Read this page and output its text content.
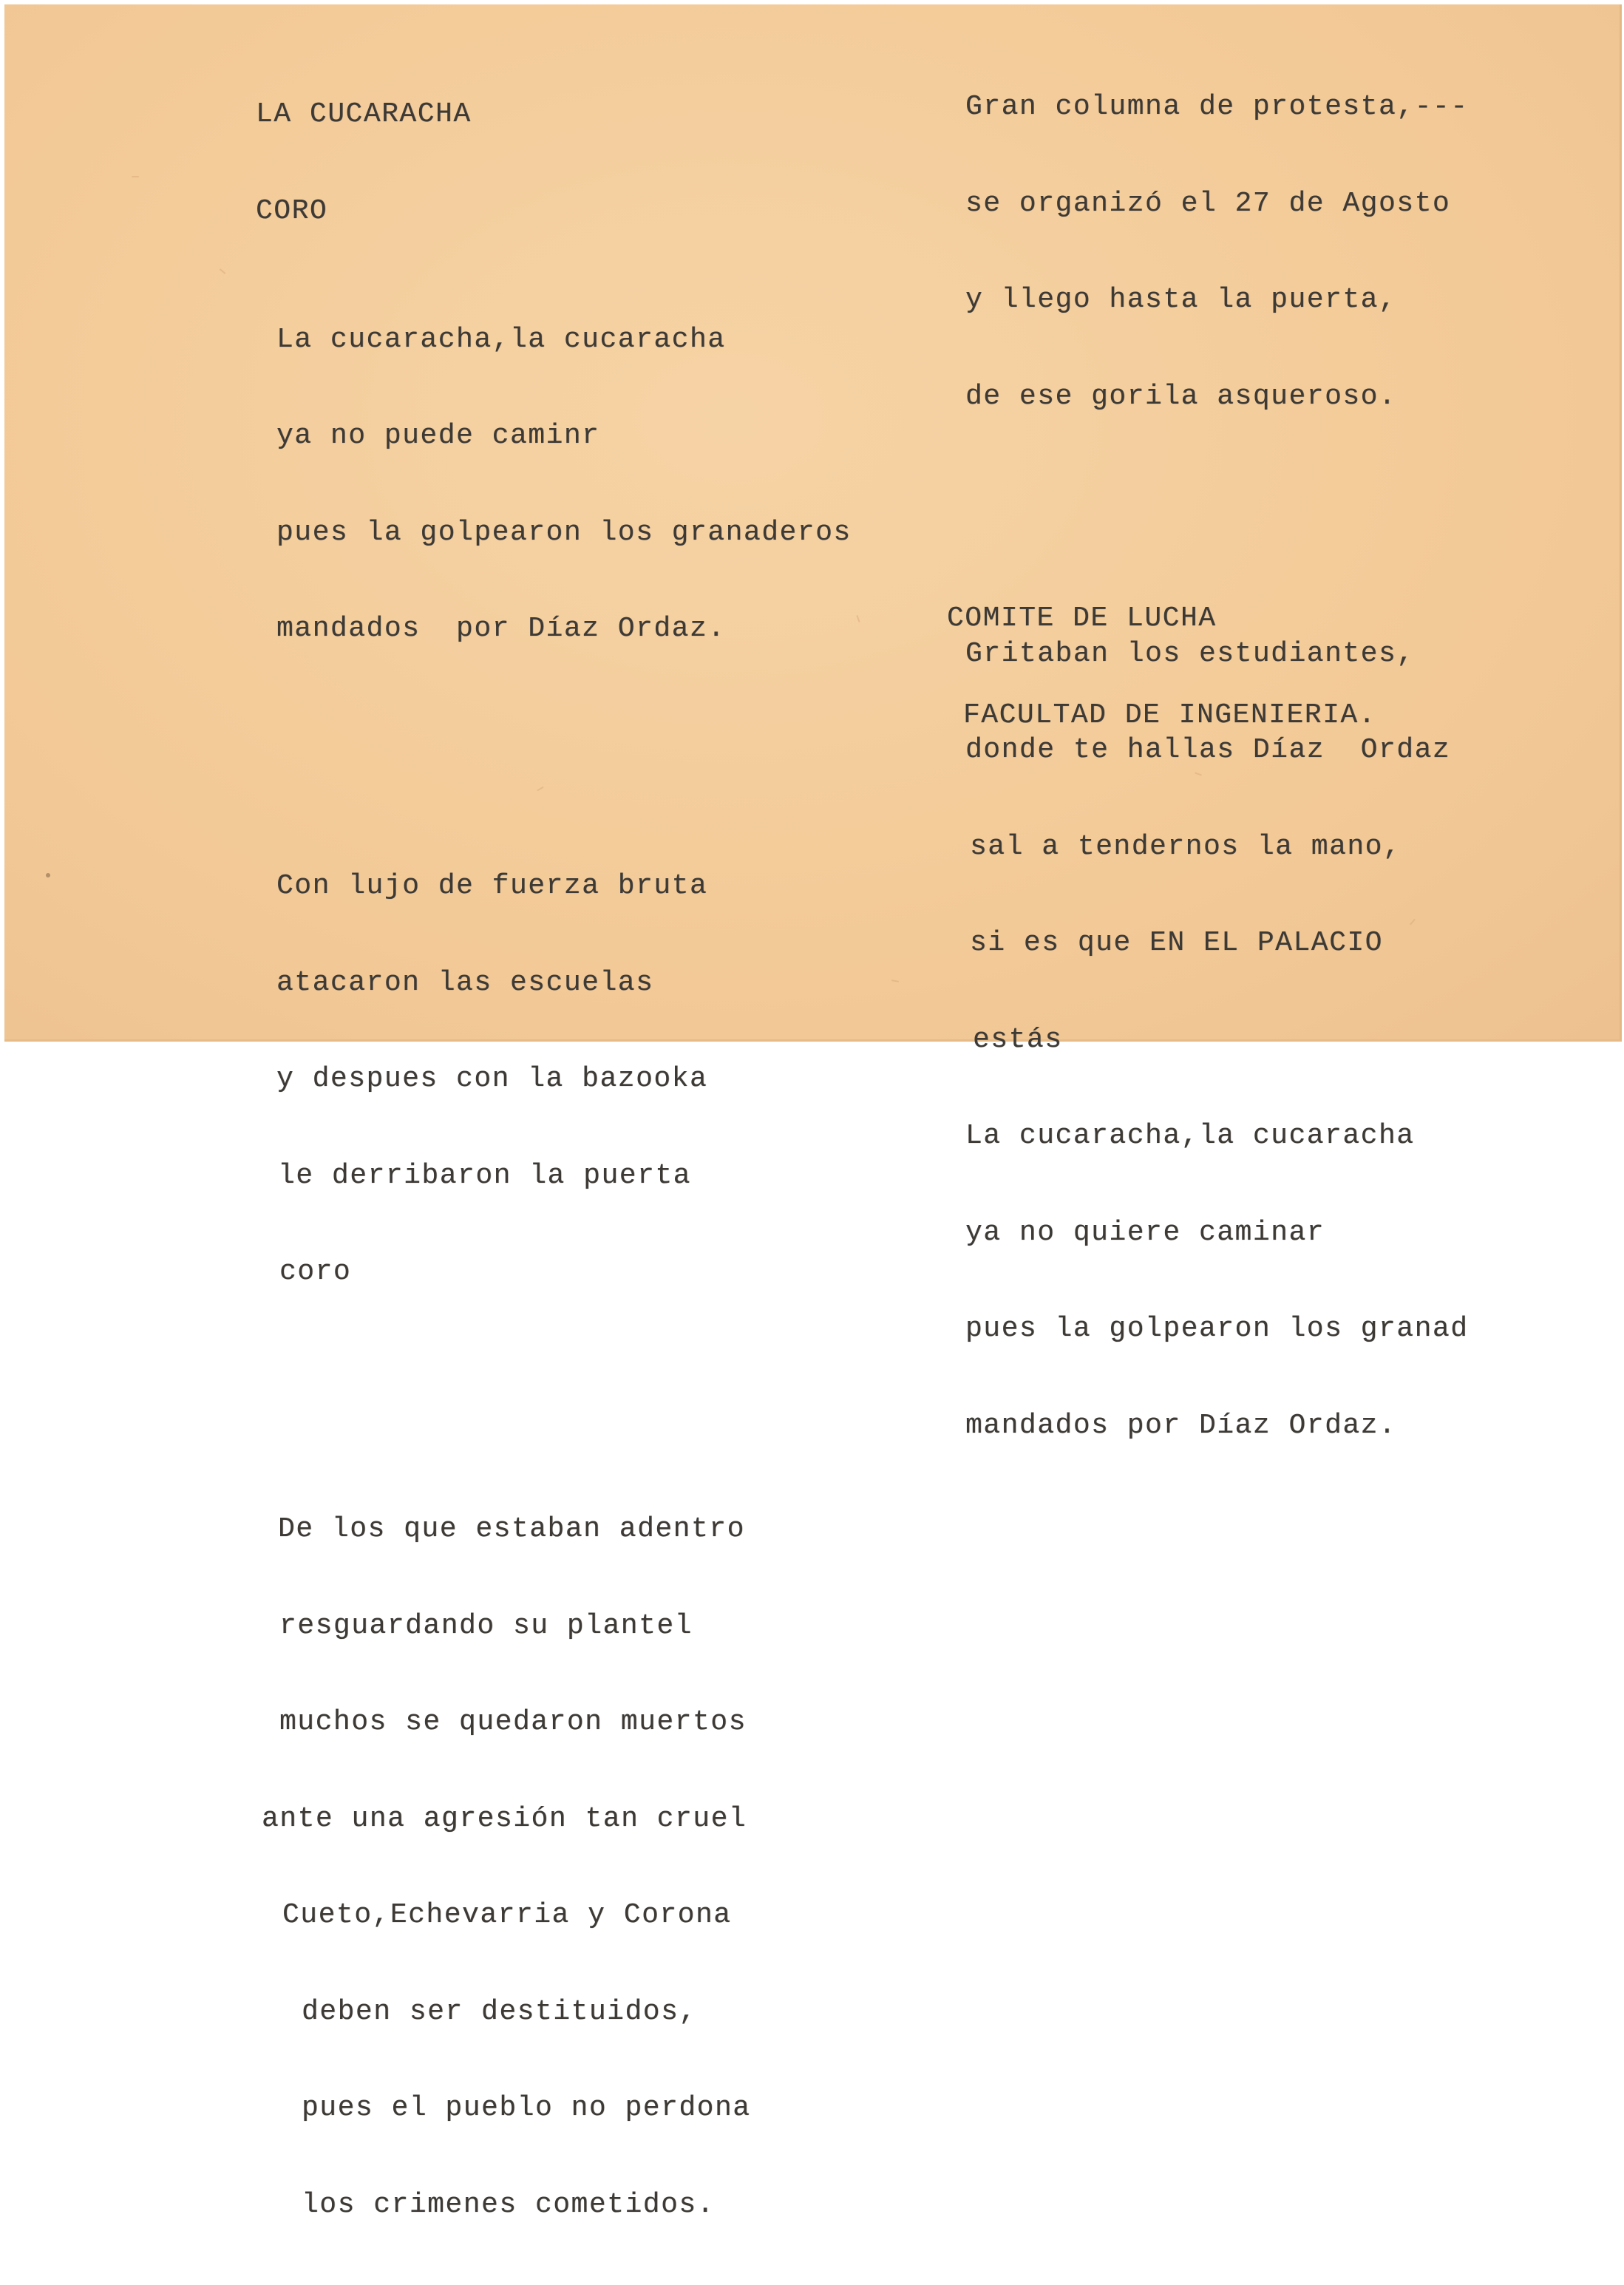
LA CUCARACHA

CORO

La cucaracha,la cucaracha

ya no puede caminr

pues la golpearon los granaderos

mandados  por Díaz Ordaz.

Con lujo de fuerza bruta

atacaron las escuelas

y despues con la bazooka

le derribaron la puerta

coro

De los que estaban adentro

resguardando su plantel

muchos se quedaron muertos

ante una agresión tan cruel

Cueto,Echevarria y Corona

deben ser destituidos,

pues el pueblo no perdona

los crimenes cometidos.

Gran columna de protesta,---

se organizó el 27 de Agosto

y llego hasta la puerta,

de ese gorila asqueroso.

Gritaban los estudiantes,

donde te hallas Díaz  Ordaz

sal a tendernos la mano,

si es que EN EL PALACIO

estás

La cucaracha,la cucaracha

ya no quiere caminar

pues la golpearon los granad

mandados por Díaz Ordaz.

COMITE DE LUCHA

FACULTAD DE INGENIERIA.
